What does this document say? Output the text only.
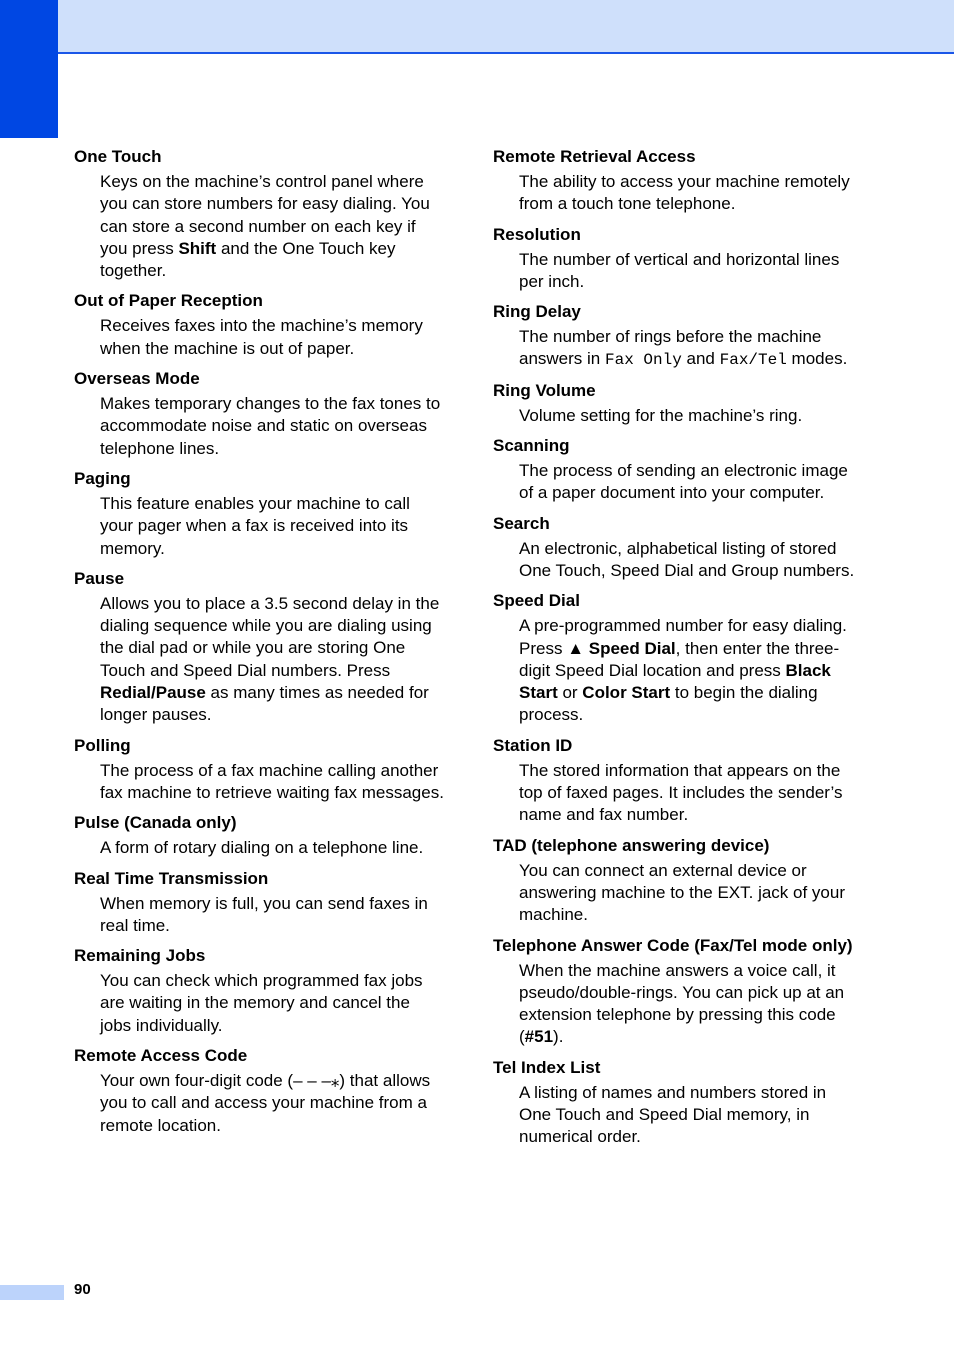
One Touch
Keys on the machine’s control panel where you can store numbers for easy dialing. You can store a second number on each key if you press Shift and the One Touch key together.
Out of Paper Reception
Receives faxes into the machine’s memory when the machine is out of paper.
Overseas Mode
Makes temporary changes to the fax tones to accommodate noise and static on overseas telephone lines.
Paging
This feature enables your machine to call your pager when a fax is received into its memory.
Pause
Allows you to place a 3.5 second delay in the dialing sequence while you are dialing using the dial pad or while you are storing One Touch and Speed Dial numbers. Press Redial/Pause as many times as needed for longer pauses.
Polling
The process of a fax machine calling another fax machine to retrieve waiting fax messages.
Pulse (Canada only)
A form of rotary dialing on a telephone line.
Real Time Transmission
When memory is full, you can send faxes in real time.
Remaining Jobs
You can check which programmed fax jobs are waiting in the memory and cancel the jobs individually.
Remote Access Code
Your own four-digit code (– – –⁎) that allows you to call and access your machine from a remote location.
Remote Retrieval Access
The ability to access your machine remotely from a touch tone telephone.
Resolution
The number of vertical and horizontal lines per inch.
Ring Delay
The number of rings before the machine answers in Fax Only and Fax/Tel modes.
Ring Volume
Volume setting for the machine’s ring.
Scanning
The process of sending an electronic image of a paper document into your computer.
Search
An electronic, alphabetical listing of stored One Touch, Speed Dial and Group numbers.
Speed Dial
A pre-programmed number for easy dialing. Press ▲ Speed Dial, then enter the three-digit Speed Dial location and press Black Start or Color Start to begin the dialing process.
Station ID
The stored information that appears on the top of faxed pages. It includes the sender’s name and fax number.
TAD (telephone answering device)
You can connect an external device or answering machine to the EXT. jack of your machine.
Telephone Answer Code (Fax/Tel mode only)
When the machine answers a voice call, it pseudo/double-rings. You can pick up at an extension telephone by pressing this code (#51).
Tel Index List
A listing of names and numbers stored in One Touch and Speed Dial memory, in numerical order.
90
